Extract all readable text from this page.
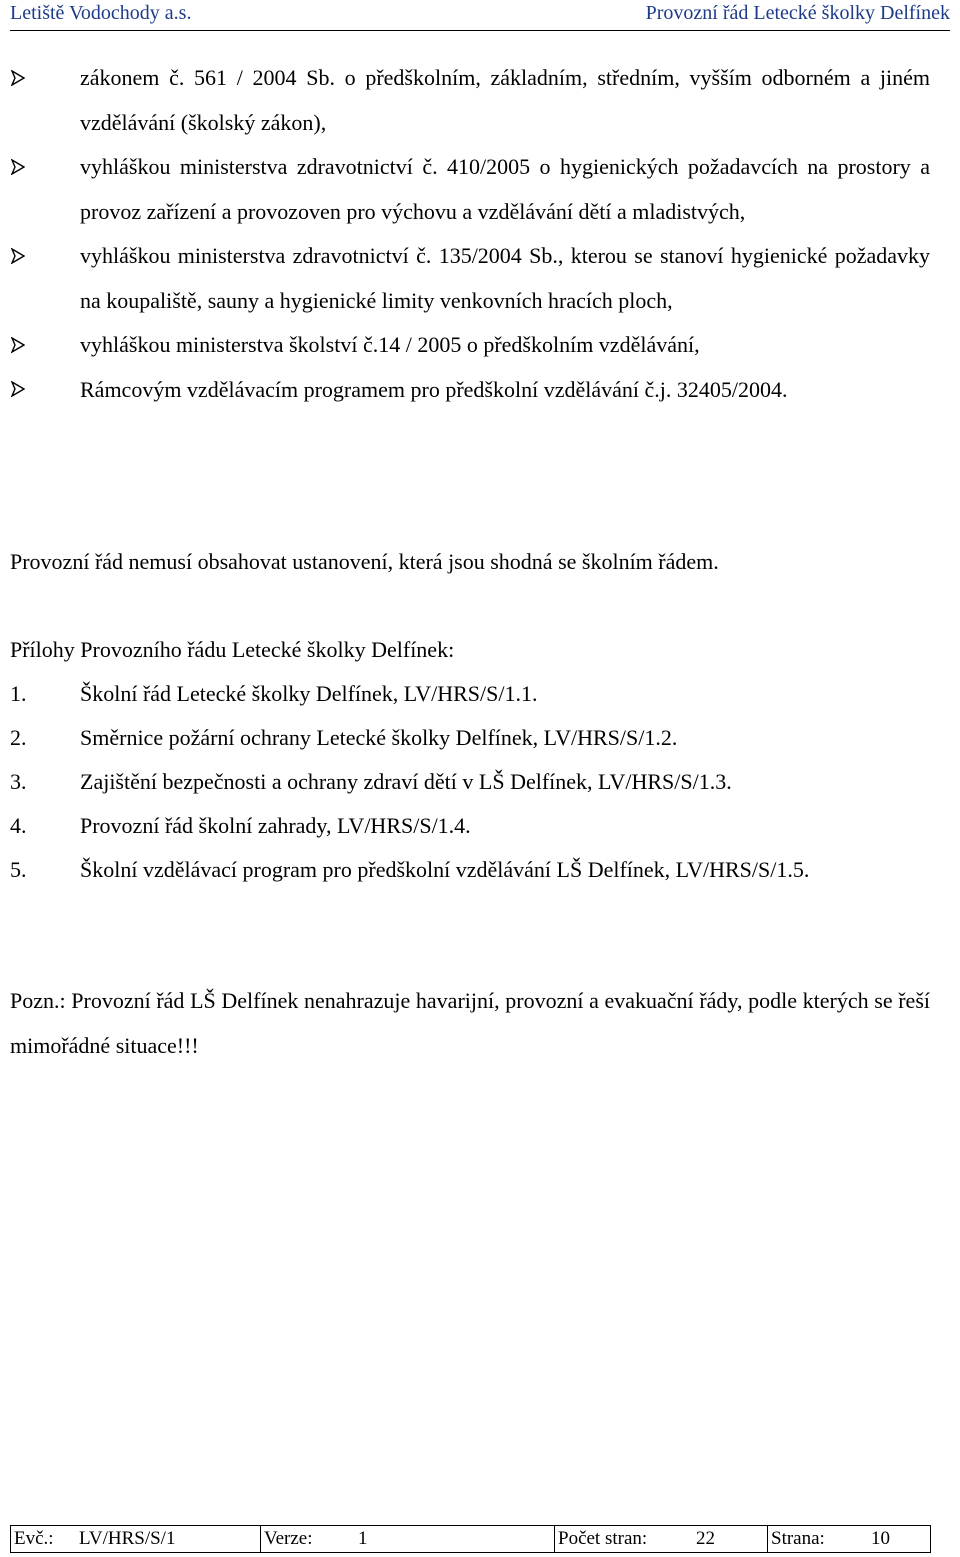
Letiště Vodochody a.s.	Provozní řád Letecké školky Delfínek
zákonem č. 561 / 2004 Sb. o předškolním, základním, středním, vyšším odborném a jiném vzdělávání (školský zákon),
vyhláškou ministerstva zdravotnictví č. 410/2005 o hygienických požadavcích na prostory a provoz zařízení a provozoven pro výchovu a vzdělávání dětí a mladistvých,
vyhláškou ministerstva zdravotnictví č. 135/2004 Sb., kterou se stanoví hygienické požadavky na koupaliště, sauny a hygienické limity venkovních hracích ploch,
vyhláškou ministerstva školství č.14 / 2005 o předškolním vzdělávání,
Rámcovým vzdělávacím programem pro předškolní vzdělávání č.j. 32405/2004.
Provozní řád nemusí obsahovat ustanovení, která jsou shodná se školním řádem.
Přílohy Provozního řádu Letecké školky Delfínek:
1.	Školní řád Letecké školky Delfínek, LV/HRS/S/1.1.
2.	Směrnice požární ochrany Letecké školky Delfínek, LV/HRS/S/1.2.
3.	Zajištění bezpečnosti a ochrany zdraví dětí v LŠ Delfínek, LV/HRS/S/1.3.
4.	Provozní řád školní zahrady, LV/HRS/S/1.4.
5.	Školní vzdělávací program pro předškolní vzdělávání LŠ Delfínek, LV/HRS/S/1.5.
Pozn.: Provozní řád LŠ Delfínek nenahrazuje havarijní, provozní a evakuační řády, podle kterých se řeší mimořádné situace!!!
Evč.:	LV/HRS/S/1	Verze:	1	Počet stran:	22	Strana:	10
